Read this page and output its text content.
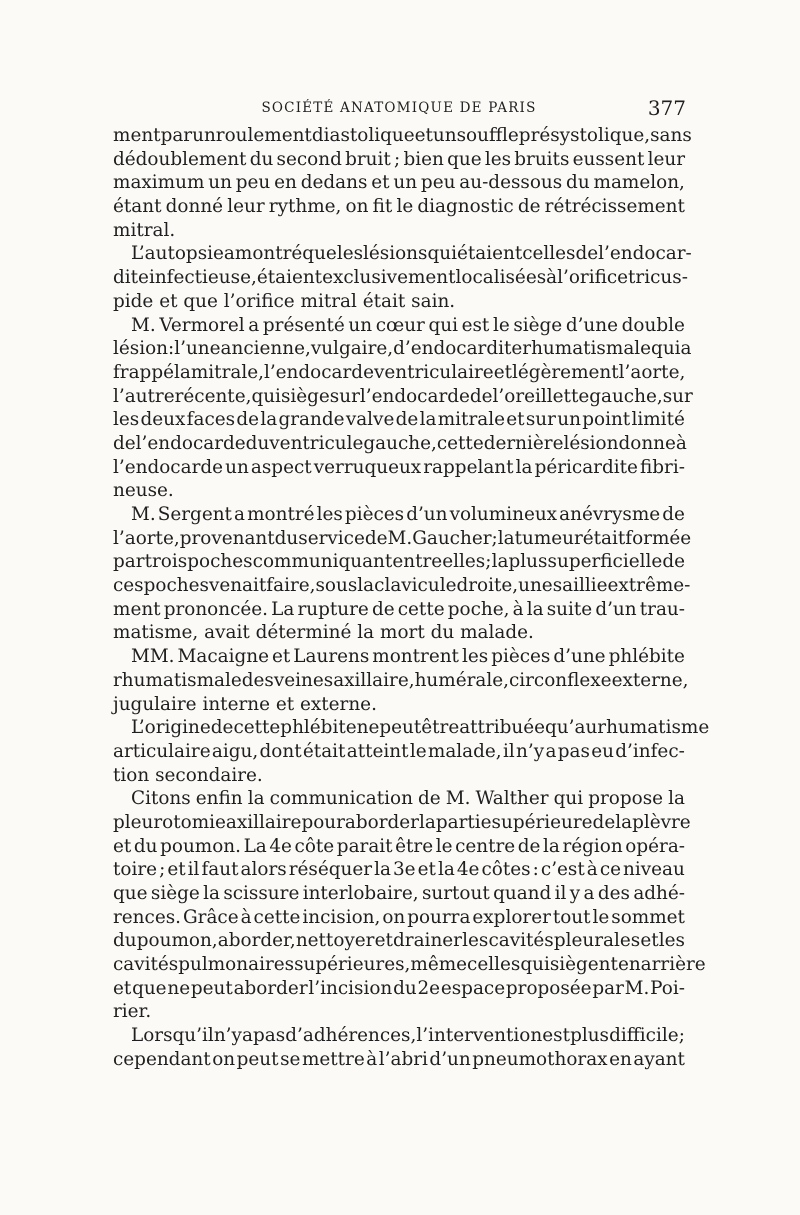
SOCIÉTÉ ANATOMIQUE DE PARIS	377
ment par un roulement diastolique et un souffle présystolique, sans
dédoublement du second bruit ; bien que les bruits eussent leur
maximum un peu en dedans et un peu au-dessous du mamelon,
étant donné leur rythme, on fit le diagnostic de rétrécissement
mitral.
L’autopsie a montré que les lésions qui étaient celles de l’endocar-
dite infectieuse, étaient exclusivement localisées à l’orifice tricus-
pide et que l’orifice mitral était sain.
M. Vermorel a présenté un cœur qui est le siège d’une double
lésion : l’une ancienne, vulgaire, d’endocardite rhumatismale qui a
frappé la mitrale, l’endocarde ventriculaire et légèrement l’aorte,
l’autre récente, qui siège sur l’endocarde de l’oreillette gauche, sur
les deux faces de la grande valve de la mitrale et sur un point limité
de l’endocarde du ventricule gauche, cette dernière lésion donne à
l’endocarde un aspect verruqueux rappelant la péricardite fibri-
neuse.
M. Sergent a montré les pièces d’un volumineux anévrysme de
l’aorte, provenant du service de M. Gaucher ; la tumeur était formée
par trois poches communiquant entre elles ; la plus superficielle de
ces poches venait faire, sous la clavicule droite, une saillie extrême-
ment prononcée. La rupture de cette poche, à la suite d’un trau-
matisme, avait déterminé la mort du malade.
MM. Macaigne et Laurens montrent les pièces d’une phlébite
rhumatismale des veines axillaire, humérale, circonflexe externe,
jugulaire interne et externe.
L’origine de cette phlébite ne peut être attribuée qu’au rhumatisme
articulaire aigu, dont était atteint le malade, il n’y a pas eu d’infec-
tion secondaire.
Citons enfin la communication de M. Walther qui propose la
pleurotomie axillaire pour aborder la partie supérieure de la plèvre
et du poumon. La 4e côte parait être le centre de la région opéra-
toire ; et il faut alors réséquer la 3e et la 4e côtes : c’est à ce niveau
que siège la scissure interlobaire, surtout quand il y a des adhé-
rences. Grâce à cette incision, on pourra explorer tout le sommet
du poumon, aborder, nettoyer et drainer les cavités pleurales et les
cavités pulmonaires supérieures, même celles qui siègent en arrière
et que ne peut aborder l’incision du 2e espace proposée par M. Poi-
rier.
Lorsqu’il n’y a pas d’adhérences, l’intervention est plus difficile ;
cependant on peut se mettre à l’abri d’un pneumothorax en ayant
